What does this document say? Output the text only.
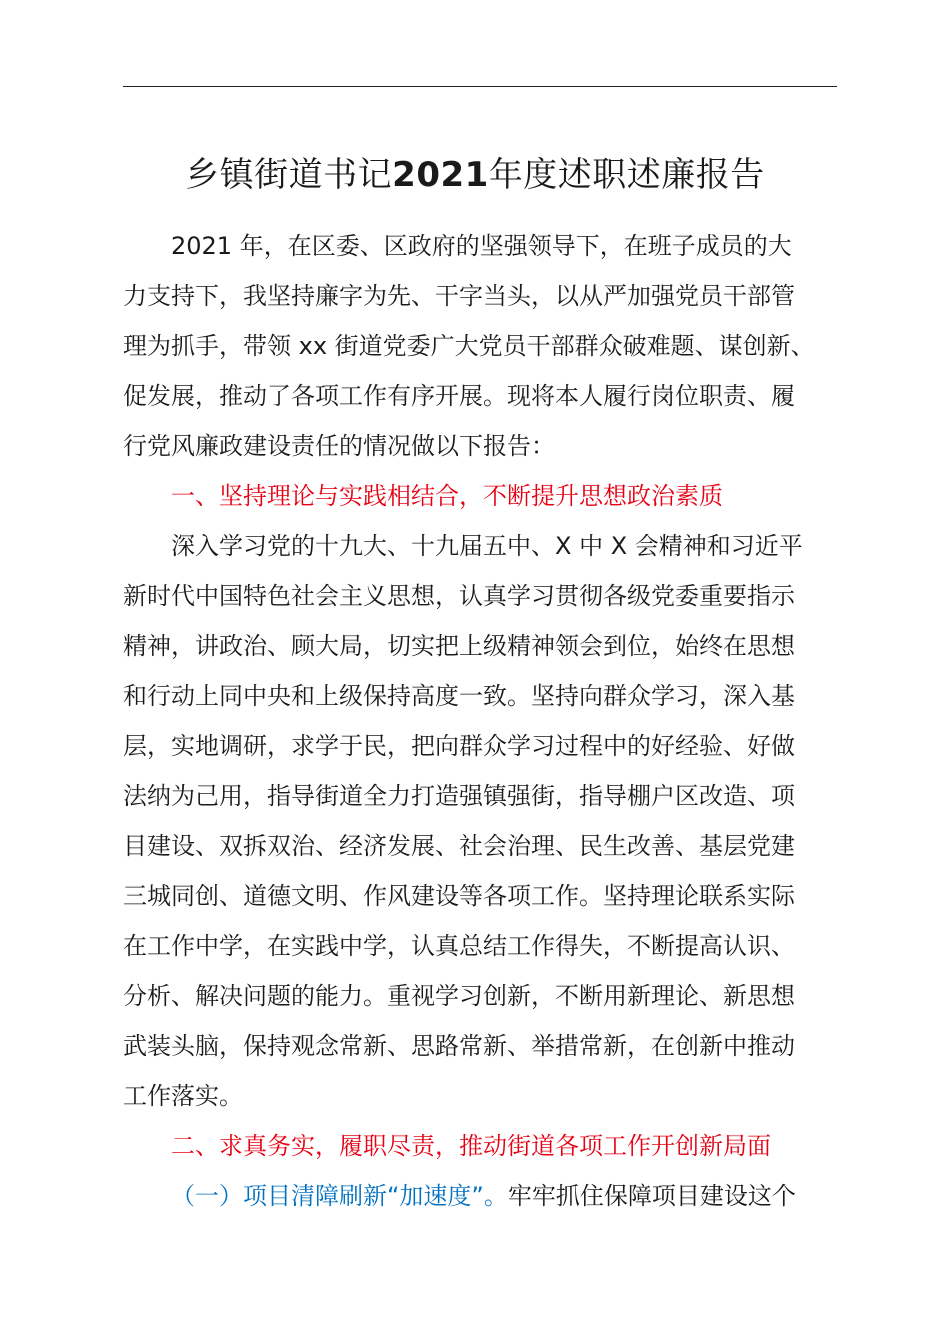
乡镇街道书记2021年度述职述廉报告
2021 年，在区委、区政府的坚强领导下，在班子成员的大
力支持下，我坚持廉字为先、干字当头，以从严加强党员干部管
理为抓手，带领 xx 街道党委广大党员干部群众破难题、谋创新、
促发展，推动了各项工作有序开展。现将本人履行岗位职责、履
行党风廉政建设责任的情况做以下报告：
一、坚持理论与实践相结合，不断提升思想政治素质
深入学习党的十九大、十九届五中、X 中 X 会精神和习近平
新时代中国特色社会主义思想，认真学习贯彻各级党委重要指示
精神，讲政治、顾大局，切实把上级精神领会到位，始终在思想
和行动上同中央和上级保持高度一致。坚持向群众学习，深入基
层，实地调研，求学于民，把向群众学习过程中的好经验、好做
法纳为己用，指导街道全力打造强镇强街，指导棚户区改造、项
目建设、双拆双治、经济发展、社会治理、民生改善、基层党建
三城同创、道德文明、作风建设等各项工作。坚持理论联系实际
在工作中学，在实践中学，认真总结工作得失，不断提高认识、
分析、解决问题的能力。重视学习创新，不断用新理论、新思想
武装头脑，保持观念常新、思路常新、举措常新，在创新中推动
工作落实。
二、求真务实，履职尽责，推动街道各项工作开创新局面
（一）项目清障刷新“加速度”。牢牢抓住保障项目建设这个
